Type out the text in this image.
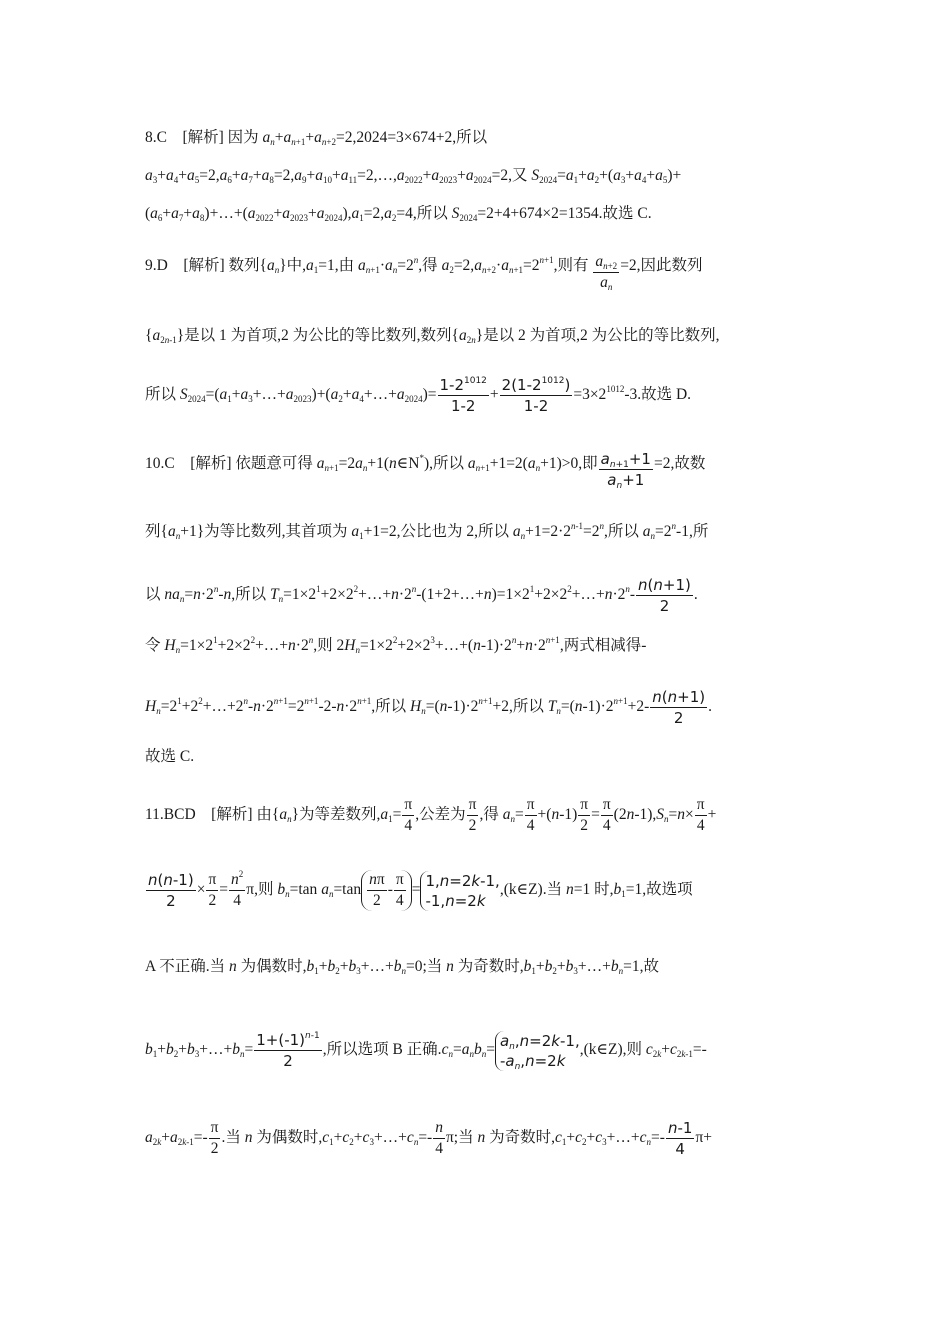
8.C　[解析] 因为 $a_n+a_{n+1}+a_{n+2}=2,2024=3\times 674+2$,所以
$a_3+a_4+a_5=2,a_6+a_7+a_8=2,a_9+a_{10}+a_{11}=2,\dots,a_{2022}+a_{2023}+a_{2024}=2$,又 $S_{2024}=a_1+a_2+(a_3+a_4+a_5)+$
$(a_6+a_7+a_8)+\dots+(a_{2022}+a_{2023}+a_{2024}),a_1=2,a_2=4$,所以 $S_{2024}=2+4+674\times 2=1354$.故选 C.
9.D　[解析] 数列$\{a_n\}$中$,a_1=1$,由 $a_{n+1}\cdot a_n=2^n$,得 $a_2=2,a_{n+2}\cdot a_{n+1}=2^{n+1}$,则有 $\frac{a_{n+2}}{a_n} =2$,因此数列
$\{a_{2n-1}\}$是以 1 为首项,2 为公比的等比数列,数列$\{a_{2n}\}$是以 2 为首项,2 为公比的等比数列,
所以 $S_{2024}=(a_1+a_3+\dots+a_{2023})+(a_2+a_4+\dots+a_{2024})= \frac{1-2^{1012}}{1-2} + \frac{2(1-2^{1012})}{1-2} =3\times 2^{1012}-3$.故选 D.
10.C　[解析] 依题意可得 $a_{n+1}=2a_n+1(n\in N^*)$,所以 $a_{n+1}+1=2(a_n+1)>0$,即 $\frac{a_{n+1}+1}{a_n+1} =2$,故数
列$\{a_n+1\}$为等比数列,其首项为 $a_1+1=2$,公比也为 2,所以 $a_n+1=2\cdot 2^{n-1}=2^n$,所以 $a_n=2^n-1$,所
以 $na_n=n\cdot 2^n-n$,所以 $T_n=1\times 2^1+2\times 2^2+\dots+n\cdot 2^n-(1+2+\dots+n)=1\times 2^1+2\times 2^2+\dots+n\cdot 2^n- \frac{n(n+1)}{2}$ .
令 $H_n=1\times 2^1+2\times 2^2+\dots+n\cdot 2^n$,则 $2H_n=1\times 2^2+2\times 2^3+\dots+(n-1)\cdot 2^n+n\cdot 2^{n+1}$,两式相减得-
$H_n=2^1+2^2+\dots+2^n-n\cdot 2^{n+1}=2^{n+1}-2-n\cdot 2^{n+1}$,所以 $H_n=(n-1)\cdot 2^{n+1}+2$,所以 $T_n=(n-1)\cdot 2^{n+1}+2- \frac{n(n+1)}{2}$ .
故选 C.
11.BCD　[解析] 由$\{a_n\}$为等差数列$,a_1= \frac{\pi}{4}$ ,公差为 $\frac{\pi}{2}$ ,得 $a_n= \frac{\pi}{4} +(n-1) \frac{\pi}{2} = \frac{\pi}{4} (2n-1),S_n=n\times \frac{\pi}{4}$ +
$\frac{n(n-1)}{2} \times \frac{\pi}{2} = \frac{n^2}{4} \pi$,则 $b_n=\tan$ $a_n=\tan \frac{n\pi}{2} - \frac{\pi}{4}$ =
1,n=2k-1,
-1,n=2k
,(k∈Z).当 n=1 时$,b_1=1$,故选项
A 不正确.当 n 为偶数时$,b_1+b_2+b_3+\dots+b_n=0$;当 n 为奇数时$,b_1+b_2+b_3+\dots+b_n=1$,故
$b_1+b_2+b_3+\dots+b_n= \frac{1+(-1)^{n-1}}{2}$ ,所以选项 B 正确$.c_n=a_nb_n=$
$a_n,n=2k-1$,
$-a_n,n=2k$
,(k∈Z),则 $c_{2k}+c_{2k-1}=-$
$a_{2k}+a_{2k-1}=- \frac{\pi}{2}$ .当 n 为偶数时$,c_1+c_2+c_3+\dots+c_n=- \frac{n}{4} \pi$;当 n 为奇数时$,c_1+c_2+c_3+\dots+c_n=- \frac{n-1}{4} \pi+$
